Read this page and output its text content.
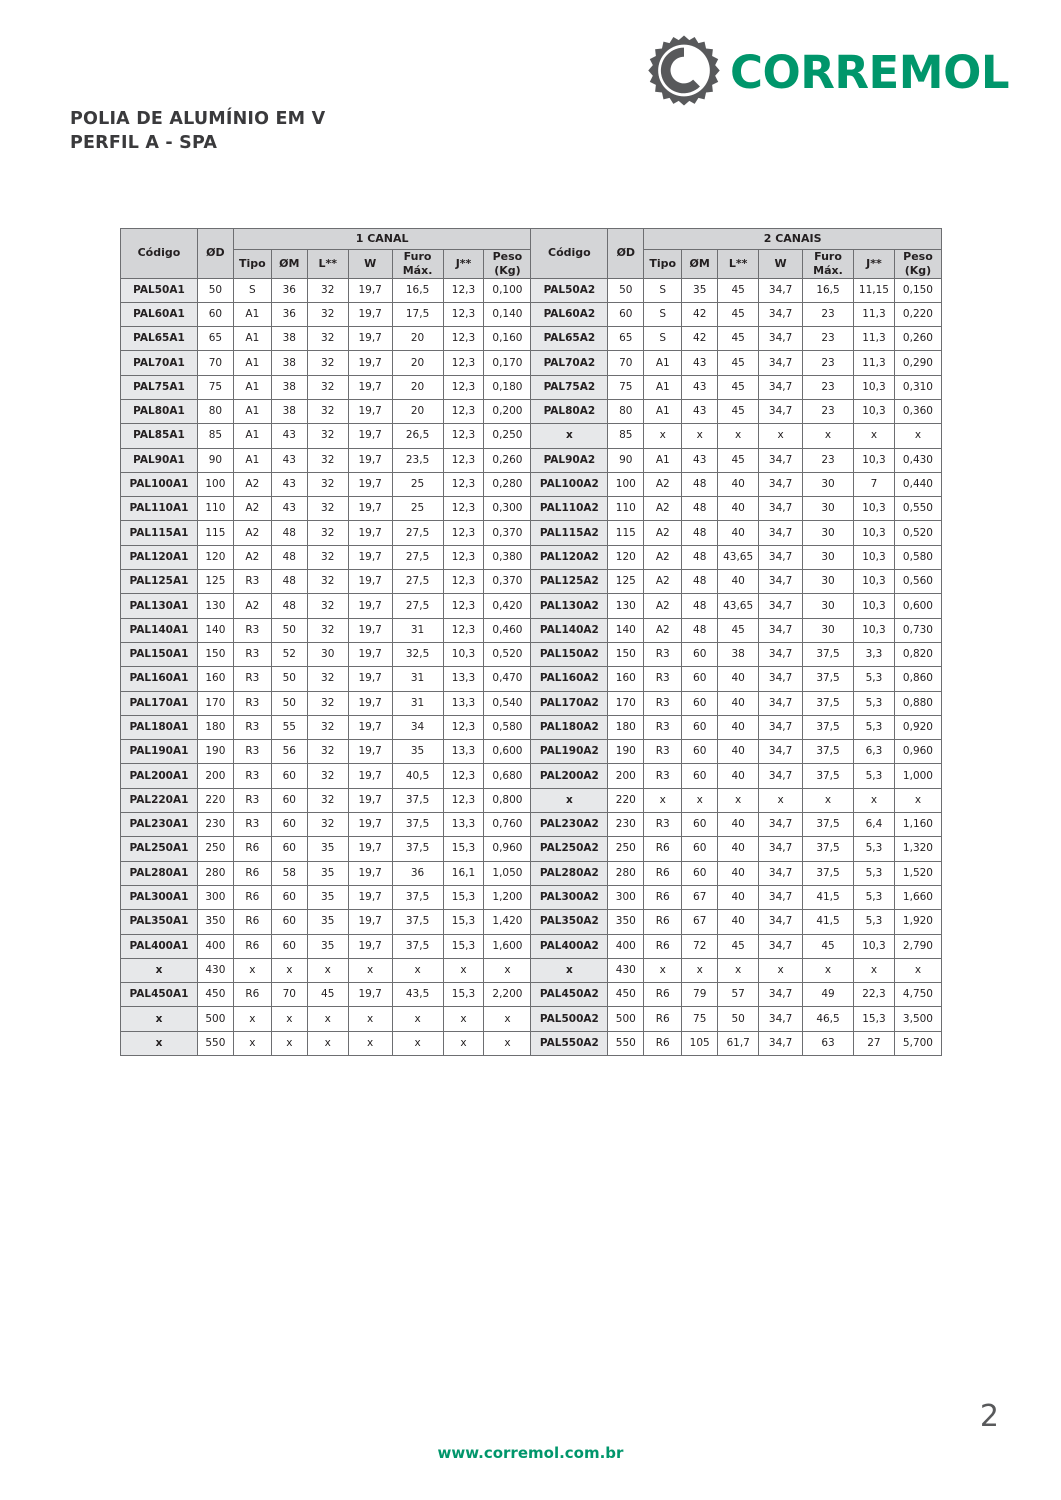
CORREMOL
POLIA DE ALUMÍNIO EM V
PERFIL A - SPA
Código	ØD	1 CANAL							Código	ØD	2 CANAIS						
		Tipo	ØM	L**	W	Furo
Máx.	J**	Peso
(Kg)			Tipo	ØM	L**	W	Furo
Máx.	J**	Peso
(Kg)

PAL50A1	50	S	36	32	19,7	16,5	12,3	0,100	PAL50A2	50	S	35	45	34,7	16,5	11,15	0,150
PAL60A1	60	A1	36	32	19,7	17,5	12,3	0,140	PAL60A2	60	S	42	45	34,7	23	11,3	0,220
PAL65A1	65	A1	38	32	19,7	20	12,3	0,160	PAL65A2	65	S	42	45	34,7	23	11,3	0,260
PAL70A1	70	A1	38	32	19,7	20	12,3	0,170	PAL70A2	70	A1	43	45	34,7	23	11,3	0,290
PAL75A1	75	A1	38	32	19,7	20	12,3	0,180	PAL75A2	75	A1	43	45	34,7	23	10,3	0,310
PAL80A1	80	A1	38	32	19,7	20	12,3	0,200	PAL80A2	80	A1	43	45	34,7	23	10,3	0,360
PAL85A1	85	A1	43	32	19,7	26,5	12,3	0,250	x	85	x	x	x	x	x	x	x
PAL90A1	90	A1	43	32	19,7	23,5	12,3	0,260	PAL90A2	90	A1	43	45	34,7	23	10,3	0,430
PAL100A1	100	A2	43	32	19,7	25	12,3	0,280	PAL100A2	100	A2	48	40	34,7	30	7	0,440
PAL110A1	110	A2	43	32	19,7	25	12,3	0,300	PAL110A2	110	A2	48	40	34,7	30	10,3	0,550
PAL115A1	115	A2	48	32	19,7	27,5	12,3	0,370	PAL115A2	115	A2	48	40	34,7	30	10,3	0,520
PAL120A1	120	A2	48	32	19,7	27,5	12,3	0,380	PAL120A2	120	A2	48	43,65	34,7	30	10,3	0,580
PAL125A1	125	R3	48	32	19,7	27,5	12,3	0,370	PAL125A2	125	A2	48	40	34,7	30	10,3	0,560
PAL130A1	130	A2	48	32	19,7	27,5	12,3	0,420	PAL130A2	130	A2	48	43,65	34,7	30	10,3	0,600
PAL140A1	140	R3	50	32	19,7	31	12,3	0,460	PAL140A2	140	A2	48	45	34,7	30	10,3	0,730
PAL150A1	150	R3	52	30	19,7	32,5	10,3	0,520	PAL150A2	150	R3	60	38	34,7	37,5	3,3	0,820
PAL160A1	160	R3	50	32	19,7	31	13,3	0,470	PAL160A2	160	R3	60	40	34,7	37,5	5,3	0,860
PAL170A1	170	R3	50	32	19,7	31	13,3	0,540	PAL170A2	170	R3	60	40	34,7	37,5	5,3	0,880
PAL180A1	180	R3	55	32	19,7	34	12,3	0,580	PAL180A2	180	R3	60	40	34,7	37,5	5,3	0,920
PAL190A1	190	R3	56	32	19,7	35	13,3	0,600	PAL190A2	190	R3	60	40	34,7	37,5	6,3	0,960
PAL200A1	200	R3	60	32	19,7	40,5	12,3	0,680	PAL200A2	200	R3	60	40	34,7	37,5	5,3	1,000
PAL220A1	220	R3	60	32	19,7	37,5	12,3	0,800	x	220	x	x	x	x	x	x	x
PAL230A1	230	R3	60	32	19,7	37,5	13,3	0,760	PAL230A2	230	R3	60	40	34,7	37,5	6,4	1,160
PAL250A1	250	R6	60	35	19,7	37,5	15,3	0,960	PAL250A2	250	R6	60	40	34,7	37,5	5,3	1,320
PAL280A1	280	R6	58	35	19,7	36	16,1	1,050	PAL280A2	280	R6	60	40	34,7	37,5	5,3	1,520
PAL300A1	300	R6	60	35	19,7	37,5	15,3	1,200	PAL300A2	300	R6	67	40	34,7	41,5	5,3	1,660
PAL350A1	350	R6	60	35	19,7	37,5	15,3	1,420	PAL350A2	350	R6	67	40	34,7	41,5	5,3	1,920
PAL400A1	400	R6	60	35	19,7	37,5	15,3	1,600	PAL400A2	400	R6	72	45	34,7	45	10,3	2,790
x	430	x	x	x	x	x	x	x	x	430	x	x	x	x	x	x	x
PAL450A1	450	R6	70	45	19,7	43,5	15,3	2,200	PAL450A2	450	R6	79	57	34,7	49	22,3	4,750
x	500	x	x	x	x	x	x	x	PAL500A2	500	R6	75	50	34,7	46,5	15,3	3,500
x	550	x	x	x	x	x	x	x	PAL550A2	550	R6	105	61,7	34,7	63	27	5,700
2
www.corremol.com.br
